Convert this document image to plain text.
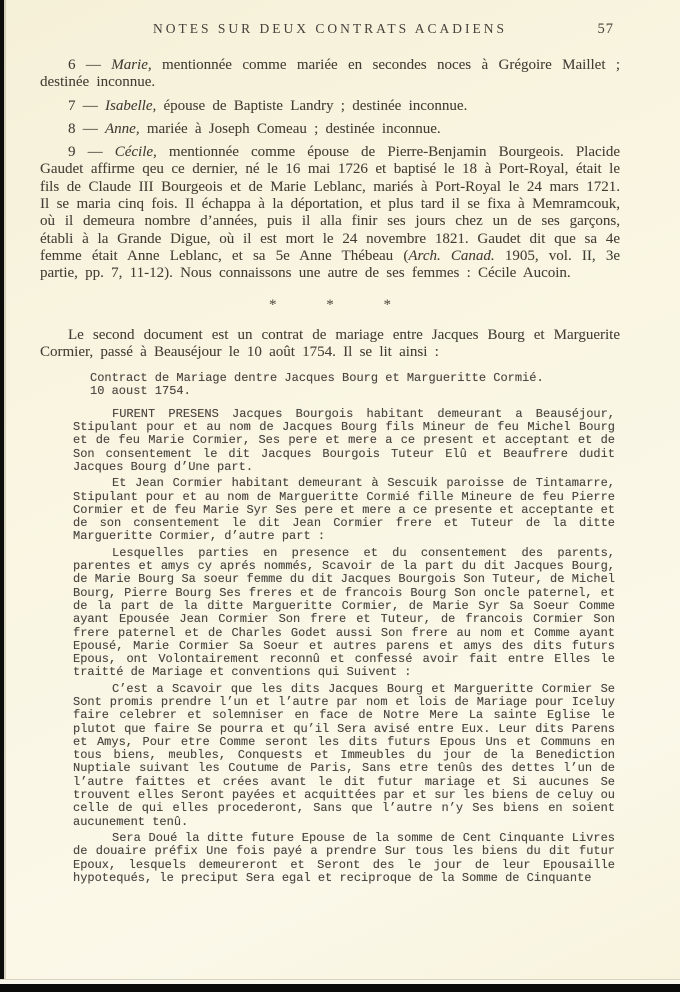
NOTES SUR DEUX CONTRATS ACADIENS	57

6 — Marie, mentionnée comme mariée en secondes noces à Grégoire Maillet ; destinée inconnue.

7 — Isabelle, épouse de Baptiste Landry ; destinée inconnue.

8 — Anne, mariée à Joseph Comeau ; destinée inconnue.

9 — Cécile, mentionnée comme épouse de Pierre-Benjamin Bourgeois. Placide Gaudet affirme qeu ce dernier, né le 16 mai 1726 et baptisé le 18 à Port-Royal, était le fils de Claude III Bourgeois et de Marie Leblanc, mariés à Port-Royal le 24 mars 1721. Il se maria cinq fois. Il échappa à la déportation, et plus tard il se fixa à Memramcouk, où il demeura nombre d’années, puis il alla finir ses jours chez un de ses garçons, établi à la Grande Digue, où il est mort le 24 novembre 1821. Gaudet dit que sa 4e femme était Anne Leblanc, et sa 5e Anne Thébeau (Arch. Canad. 1905, vol. II, 3e partie, pp. 7, 11-12). Nous connaissons une autre de ses femmes : Cécile Aucoin.

* * *

Le second document est un contrat de mariage entre Jacques Bourg et Marguerite Cormier, passé à Beauséjour le 10 août 1754. Il se lit ainsi :

Contract de Mariage dentre Jacques Bourg et Margueritte Cormié.
10 aoust 1754.

FURENT PRESENS Jacques Bourgois habitant demeurant a Beauséjour, Stipulant pour et au nom de Jacques Bourg fils Mineur de feu Michel Bourg et de feu Marie Cormier, Ses pere et mere a ce present et acceptant et de Son consentement le dit Jacques Bourgois Tuteur Elû et Beaufrere dudit Jacques Bourg d’Une part.

Et Jean Cormier habitant demeurant à Sescuik paroisse de Tintamarre, Stipulant pour et au nom de Margueritte Cormié fille Mineure de feu Pierre Cormier et de feu Marie Syr Ses pere et mere a ce presente et acceptante et de son consentement le dit Jean Cormier frere et Tuteur de la ditte Margueritte Cormier, d’autre part :

Lesquelles parties en presence et du consentement des parents, parentes et amys cy aprés nommés, Scavoir de la part du dit Jacques Bourg, de Marie Bourg Sa soeur femme du dit Jacques Bourgois Son Tuteur, de Michel Bourg, Pierre Bourg Ses freres et de francois Bourg Son oncle paternel, et de la part de la ditte Margueritte Cormier, de Marie Syr Sa Soeur Comme ayant Epousée Jean Cormier Son frere et Tuteur, de francois Cormier Son frere paternel et de Charles Godet aussi Son frere au nom et Comme ayant Epousé, Marie Cormier Sa Soeur et autres parens et amys des dits futurs Epous, ont Volontairement reconnû et confessé avoir fait entre Elles le traitté de Mariage et conventions qui Suivent :

C’est a Scavoir que les dits Jacques Bourg et Margueritte Cormier Se Sont promis prendre l’un et l’autre par nom et lois de Mariage pour Iceluy faire celebrer et solemniser en face de Notre Mere La sainte Eglise le plutot que faire Se pourra et qu’il Sera avisé entre Eux. Leur dits Parens et Amys, Pour etre Comme seront les dits futurs Epous Uns et Communs en tous biens, meubles, Conquests et Immeubles du jour de la Benediction Nuptiale suivant les Coutume de Paris, Sans etre tenûs des dettes l’un de l’autre faittes et crées avant le dit futur mariage et Si aucunes Se trouvent elles Seront payées et acquittées par et sur les biens de celuy ou celle de qui elles procederont, Sans que l’autre n’y Ses biens en soient aucunement tenû.

Sera Doué la ditte future Epouse de la somme de Cent Cinquante Livres de douaire préfix Une fois payé a prendre Sur tous les biens du dit futur Epoux, lesquels demeureront et Seront des le jour de leur Epousaille hypotequés, le preciput Sera egal et reciproque de la Somme de Cinquante
